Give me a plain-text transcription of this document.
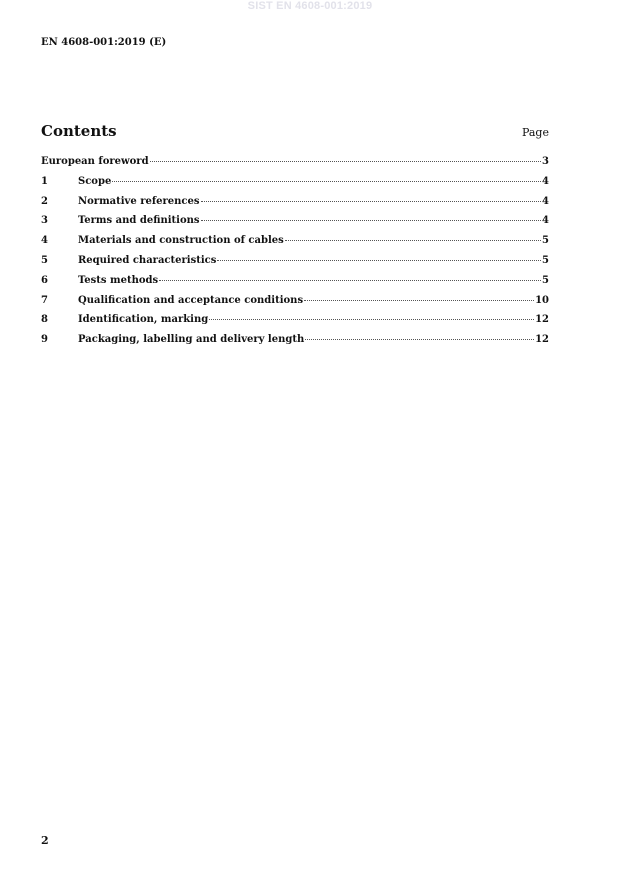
SIST EN 4608-001:2019
EN 4608-001:2019 (E)
Contents	Page
European foreword	3
1	Scope	4
2	Normative references	4
3	Terms and definitions	4
4	Materials and construction of cables	5
5	Required characteristics	5
6	Tests methods	5
7	Qualification and acceptance conditions	10
8	Identification, marking	12
9	Packaging, labelling and delivery length	12
2
